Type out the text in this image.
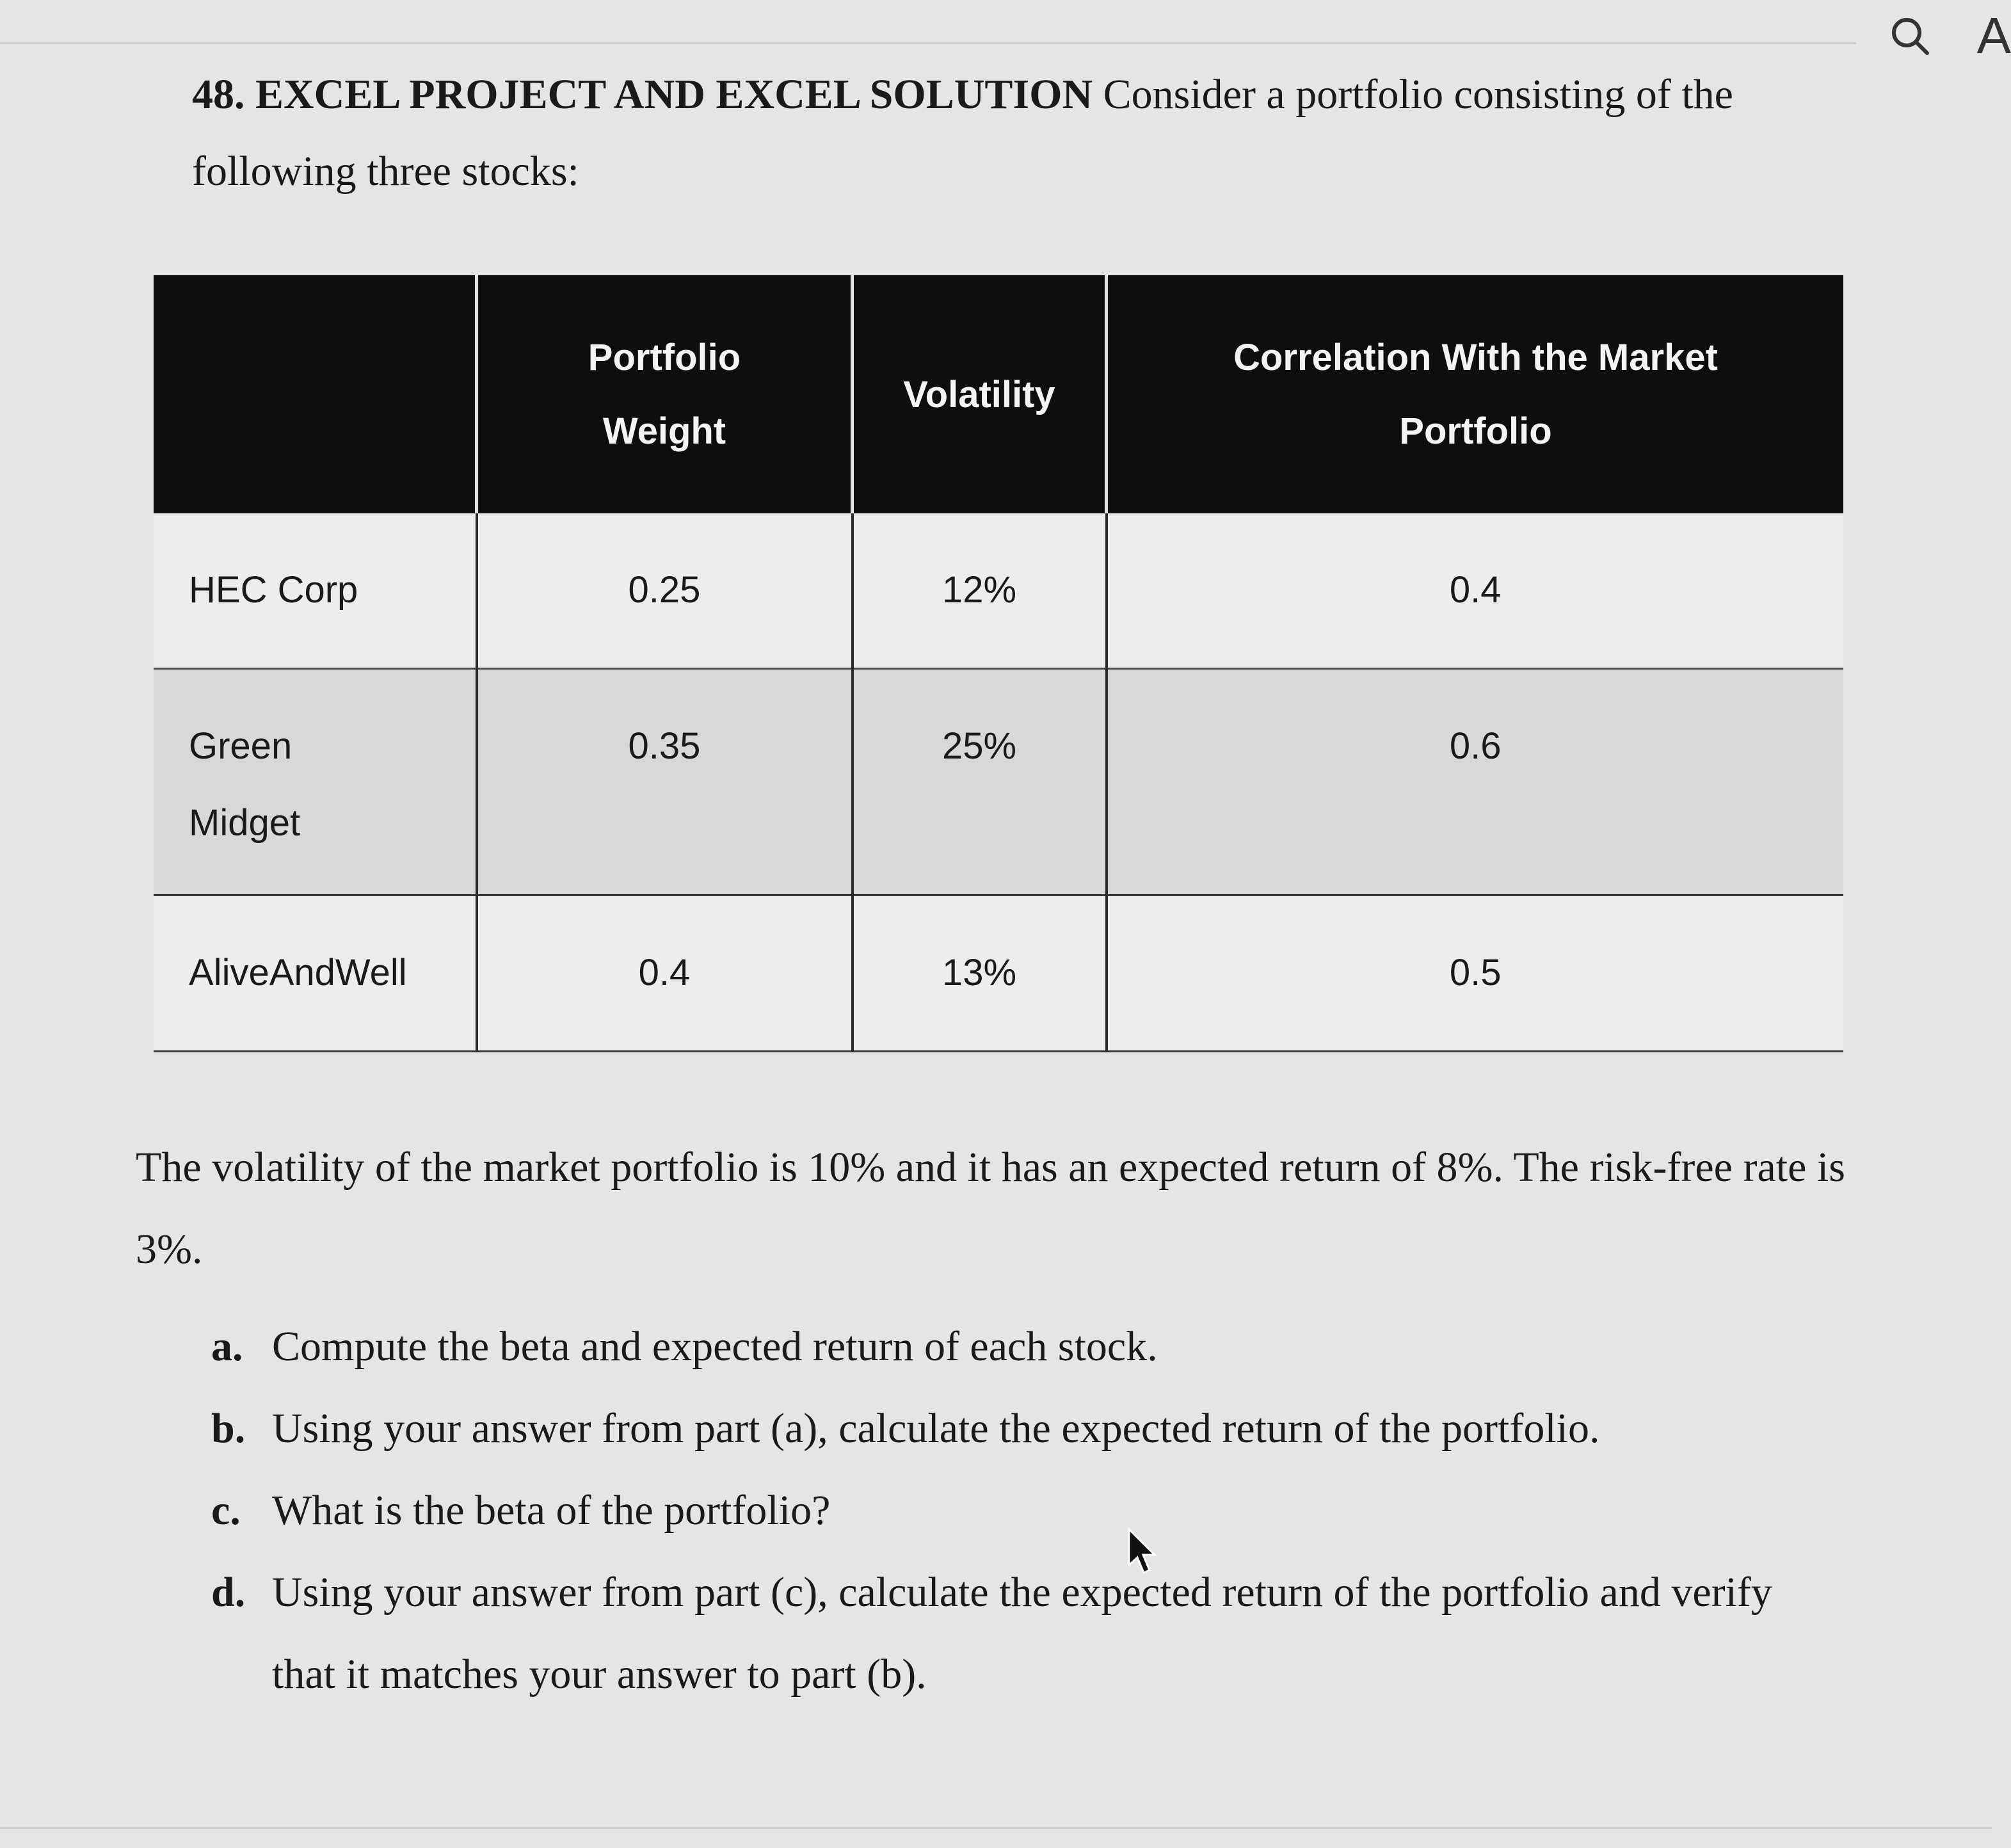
A
48. EXCEL PROJECT AND EXCEL SOLUTION Consider a portfolio consisting of the following three stocks:

	Portfolio Weight	Volatility	Correlation With the Market Portfolio

HEC Corp	0.25	12%	0.4
Green Midget	0.35	25%	0.6
AliveAndWell	0.4	13%	0.5
The volatility of the market portfolio is 10% and it has an expected return of 8%. The risk-free rate is 3%.
a. Compute the beta and expected return of each stock.
b. Using your answer from part (a), calculate the expected return of the portfolio.
c. What is the beta of the portfolio?
d. Using your answer from part (c), calculate the expected return of the portfolio and verify that it matches your answer to part (b).
